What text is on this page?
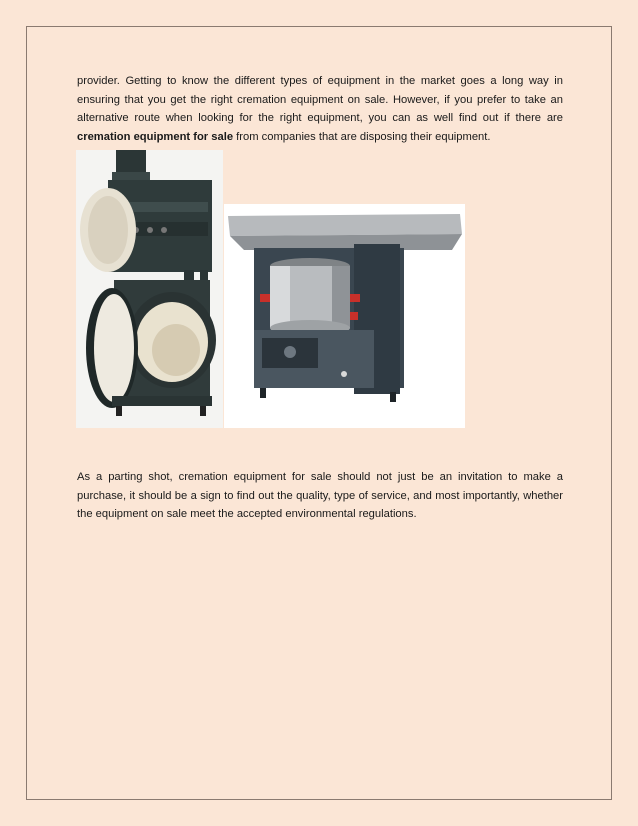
provider. Getting to know the different types of equipment in the market goes a long way in ensuring that you get the right cremation equipment on sale. However, if you prefer to take an alternative route when looking for the right equipment, you can as well find out if there are cremation equipment for sale from companies that are disposing their equipment.

As a parting shot, cremation equipment for sale should not just be an invitation to make a purchase, it should be a sign to find out the quality, type of service, and most importantly, whether the equipment on sale meet the accepted environmental regulations.
